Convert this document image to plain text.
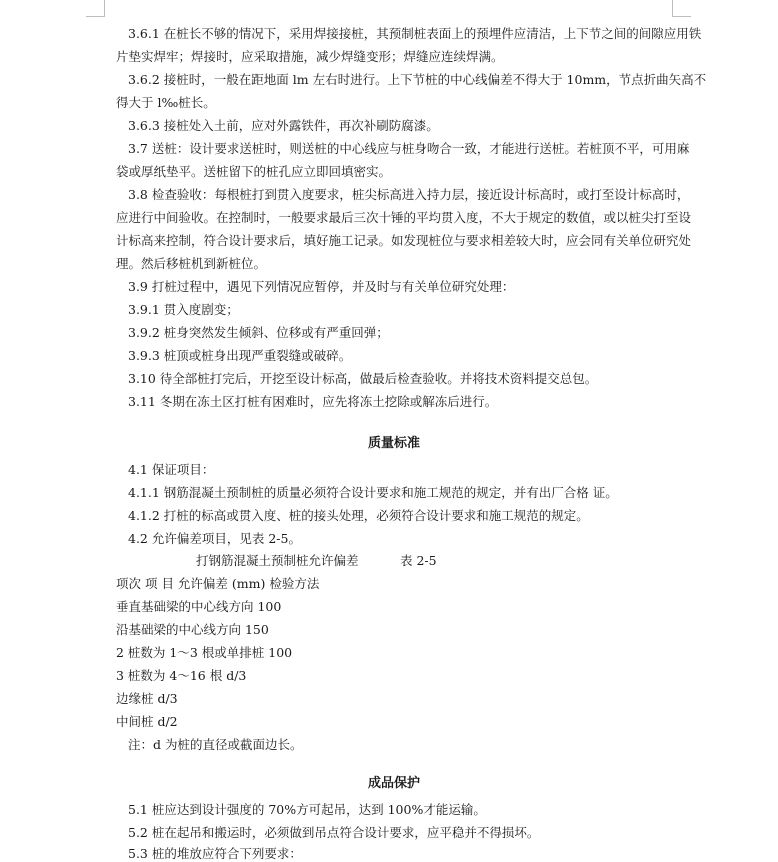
3.6.1 在桩长不够的情况下，采用焊接接桩，其预制桩表面上的预埋件应清洁，上下节之间的间隙应用铁
片垫实焊牢；焊接时，应采取措施，减少焊缝变形；焊缝应连续焊满。
3.6.2 接桩时，一般在距地面 lm 左右时进行。上下节桩的中心线偏差不得大于 10mm，节点折曲矢高不
得大于 l‰桩长。
3.6.3 接桩处入土前，应对外露铁件，再次补刷防腐漆。
3.7 送桩：设计要求送桩时，则送桩的中心线应与桩身吻合一致，才能进行送桩。若桩顶不平，可用麻
袋或厚纸垫平。送桩留下的桩孔应立即回填密实。
3.8 检查验收：每根桩打到贯入度要求，桩尖标高进入持力层，接近设计标高时，或打至设计标高时，
应进行中间验收。在控制时，一般要求最后三次十锤的平均贯入度，不大于规定的数值，或以桩尖打至设
计标高来控制，符合设计要求后，填好施工记录。如发现桩位与要求相差较大时，应会同有关单位研究处
理。然后移桩机到新桩位。
3.9 打桩过程中，遇见下列情况应暂停，并及时与有关单位研究处理：
3.9.1 贯入度剧变；
3.9.2 桩身突然发生倾斜、位移或有严重回弹；
3.9.3 桩顶或桩身出现严重裂缝或破碎。
3.10 待全部桩打完后，开挖至设计标高，做最后检查验收。并将技术资料提交总包。
3.11 冬期在冻土区打桩有困难时，应先将冻土挖除或解冻后进行。
质量标准
4.1 保证项目：
4.1.1 钢筋混凝土预制桩的质量必须符合设计要求和施工规范的规定，并有出厂合格 证。
4.1.2 打桩的标高或贯入度、桩的接头处理，必须符合设计要求和施工规范的规定。
4.2 允许偏差项目，见表 2-5。
打钢筋混凝土预制桩允许偏差	表 2-5
项次 项 目 允许偏差 (mm) 检验方法
垂直基础梁的中心线方向 100
沿基础梁的中心线方向 150
2 桩数为 1～3 根或单排桩 100
3 桩数为 4～16 根 d/3
边缘桩 d/3
中间桩 d/2
注：d 为桩的直径或截面边长。
成品保护
5.1 桩应达到设计强度的 70%方可起吊，达到 100%才能运输。
5.2 桩在起吊和搬运时，必须做到吊点符合设计要求，应平稳并不得损坏。
5.3 桩的堆放应符合下列要求：
